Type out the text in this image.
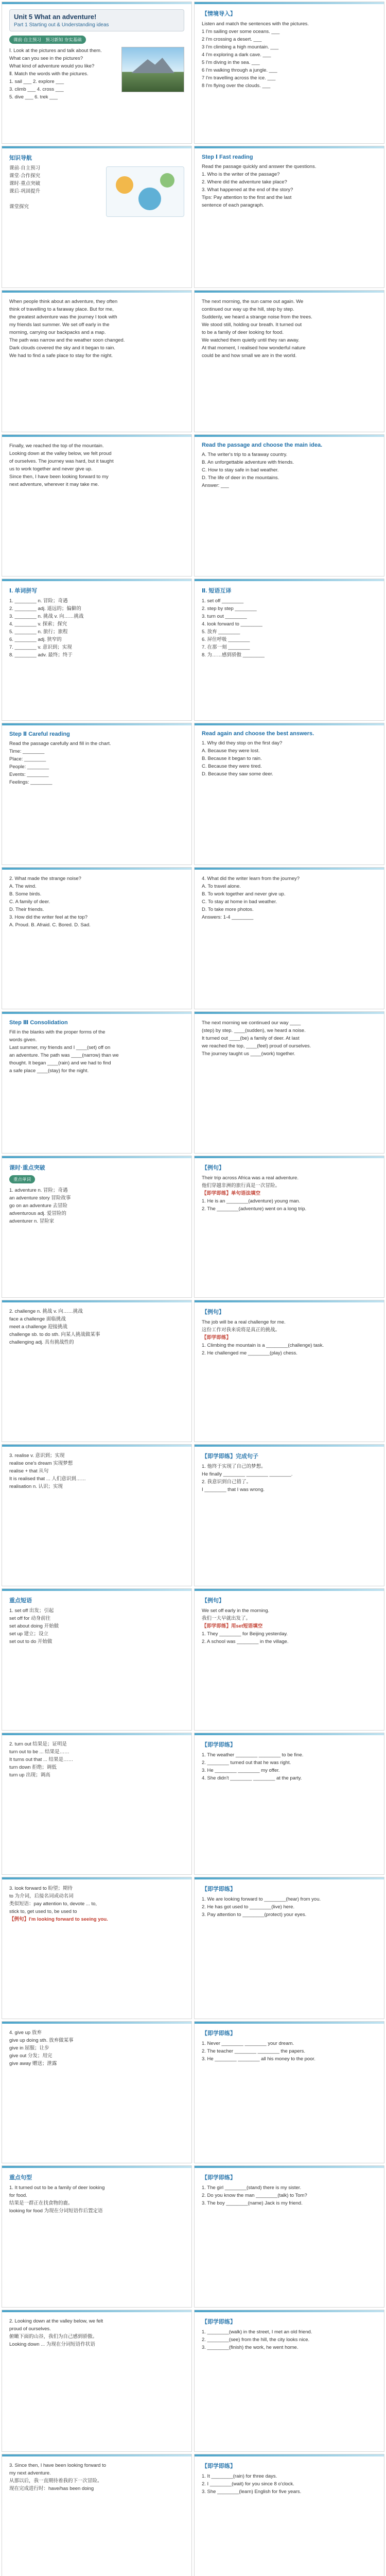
Unit 5 What an adventure!
Part 1 Starting out & Understanding ideas
课前·自主预习　预习新知 夯实基础
Ⅰ. Look at the pictures and talk about them.
What can you see in the pictures?
What kind of adventure would you like?
Ⅱ. Match the words with the pictures.
1. sail ___ 2. explore ___
3. climb ___ 4. cross ___
5. dive ___ 6. trek ___
【情境导入】
Listen and match the sentences with the pictures.
1 I'm sailing over some oceans. ___
2 I'm crossing a desert. ___
3 I'm climbing a high mountain. ___
4 I'm exploring a dark cave. ___
5 I'm diving in the sea. ___
6 I'm walking through a jungle. ___
7 I'm travelling across the ice. ___
8 I'm flying over the clouds. ___
知识导航
课前·自主预习
课堂·合作探究
课时·重点突破
课后·巩固提升

课堂探究
Step Ⅰ Fast reading
Read the passage quickly and answer the questions.
1. Who is the writer of the passage?
2. Where did the adventure take place?
3. What happened at the end of the story?
Tips: Pay attention to the first and the last
sentence of each paragraph.
When people think about an adventure, they often
think of travelling to a faraway place. But for me,
the greatest adventure was the journey I took with
my friends last summer. We set off early in the
morning, carrying our backpacks and a map.
The path was narrow and the weather soon changed.
Dark clouds covered the sky and it began to rain.
We had to find a safe place to stay for the night.
The next morning, the sun came out again. We
continued our way up the hill, step by step.
Suddenly, we heard a strange noise from the trees.
We stood still, holding our breath. It turned out
to be a family of deer looking for food.
We watched them quietly until they ran away.
At that moment, I realised how wonderful nature
could be and how small we are in the world.
Finally, we reached the top of the mountain.
Looking down at the valley below, we felt proud
of ourselves. The journey was hard, but it taught
us to work together and never give up.
Since then, I have been looking forward to my
next adventure, wherever it may take me.
Read the passage and choose the main idea.
A. The writer's trip to a faraway country.
B. An unforgettable adventure with friends.
C. How to stay safe in bad weather.
D. The life of deer in the mountains.
Answer: ___
Ⅰ. 单词拼写
1. ________ n. 冒险；奇遇
2. ________ adj. 遥远的；偏僻的
3. ________ n. 挑战 v. 向……挑战
4. ________ v. 探索；探究
5. ________ n. 旅行；旅程
6. ________ adj. 狭窄的
7. ________ v. 意识到；实现
8. ________ adv. 最终；终于
Ⅱ. 短语互译
1. set off ________
2. step by step ________
3. turn out ________
4. look forward to ________
5. 放弃 ________
6. 屏住呼吸 ________
7. 在那一刻 ________
8. 为……感到骄傲 ________
Step Ⅱ Careful reading
Read the passage carefully and fill in the chart.
Time: ________
Place: ________
People: ________
Events: ________
Feelings: ________
Read again and choose the best answers.
1. Why did they stop on the first day?
A. Because they were lost.
B. Because it began to rain.
C. Because they were tired.
D. Because they saw some deer.
2. What made the strange noise?
A. The wind.
B. Some birds.
C. A family of deer.
D. Their friends.
3. How did the writer feel at the top?
A. Proud. B. Afraid. C. Bored. D. Sad.
4. What did the writer learn from the journey?
A. To travel alone.
B. To work together and never give up.
C. To stay at home in bad weather.
D. To take more photos.
Answers: 1-4 ________
Step Ⅲ Consolidation
Fill in the blanks with the proper forms of the
words given.
Last summer, my friends and I ____(set) off on
an adventure. The path was ____(narrow) than we
thought. It began ____(rain) and we had to find
a safe place ____(stay) for the night.
The next morning we continued our way ____
(step) by step. ____(sudden), we heard a noise.
It turned out ____(be) a family of deer. At last
we reached the top, ____(feel) proud of ourselves.
The journey taught us ____(work) together.
课时·重点突破
重点单词
1. adventure n. 冒险；奇遇
an adventure story 冒险故事
go on an adventure 去冒险
adventurous adj. 爱冒险的
adventurer n. 冒险家
【例句】
Their trip across Africa was a real adventure.
他们穿越非洲的旅行真是一次冒险。
【即学即练】单句语法填空
1. He is an ________(adventure) young man.
2. The ________(adventure) went on a long trip.
2. challenge n. 挑战 v. 向……挑战
face a challenge 面临挑战
meet a challenge 迎接挑战
challenge sb. to do sth. 向某人挑战做某事
challenging adj. 具有挑战性的
【例句】
The job will be a real challenge for me.
这份工作对我来说将是真正的挑战。
【即学即练】
1. Climbing the mountain is a ________(challenge) task.
2. He challenged me ________(play) chess.
3. realise v. 意识到；实现
realise one's dream 实现梦想
realise + that 从句
It is realised that ... 人们意识到……
realisation n. 认识；实现
【即学即练】完成句子
1. 他终于实现了自己的梦想。
He finally ________ ________ ________.
2. 我意识到自己错了。
I ________ that I was wrong.
重点短语
1. set off 出发；引起
set off for 动身前往
set about doing 开始做
set up 建立；设立
set out to do 开始做
【例句】
We set off early in the morning.
我们一大早就出发了。
【即学即练】用set短语填空
1. They ________ for Beijing yesterday.
2. A school was ________ in the village.
2. turn out 结果是；证明是
turn out to be ... 结果是……
It turns out that ... 结果是……
turn down 拒绝；调低
turn up 出现；调高
【即学即练】
1. The weather ________ ________ to be fine.
2. ________ turned out that he was right.
3. He ________ ________ my offer.
4. She didn't ________ ________ at the party.
3. look forward to 盼望；期待
to 为介词，后接名词或动名词
类似短语：pay attention to, devote ... to,
stick to, get used to, be used to
【例句】I'm looking forward to seeing you.
【即学即练】
1. We are looking forward to ________(hear) from you.
2. He has got used to ________(live) here.
3. Pay attention to ________(protect) your eyes.
4. give up 放弃
give up doing sth. 放弃做某事
give in 屈服；让步
give out 分发；用完
give away 赠送；泄露
【即学即练】
1. Never ________ ________ your dream.
2. The teacher ________ ________ the papers.
3. He ________ ________ all his money to the poor.
重点句型
1. It turned out to be a family of deer looking
for food.
结果是一群正在找食物的鹿。
looking for food 为现在分词短语作后置定语
【即学即练】
1. The girl ________(stand) there is my sister.
2. Do you know the man ________(talk) to Tom?
3. The boy ________(name) Jack is my friend.
2. Looking down at the valley below, we felt
proud of ourselves.
俯瞰下面的山谷，我们为自己感到骄傲。
Looking down ... 为现在分词短语作状语
【即学即练】
1. ________(walk) in the street, I met an old friend.
2. ________(see) from the hill, the city looks nice.
3. ________(finish) the work, he went home.
3. Since then, I have been looking forward to
my next adventure.
从那以后，我一直期待着我的下一次冒险。
现在完成进行时：have/has been doing
【即学即练】
1. It ________(rain) for three days.
2. I ________(wait) for you since 8 o'clock.
3. She ________(learn) English for five years.
